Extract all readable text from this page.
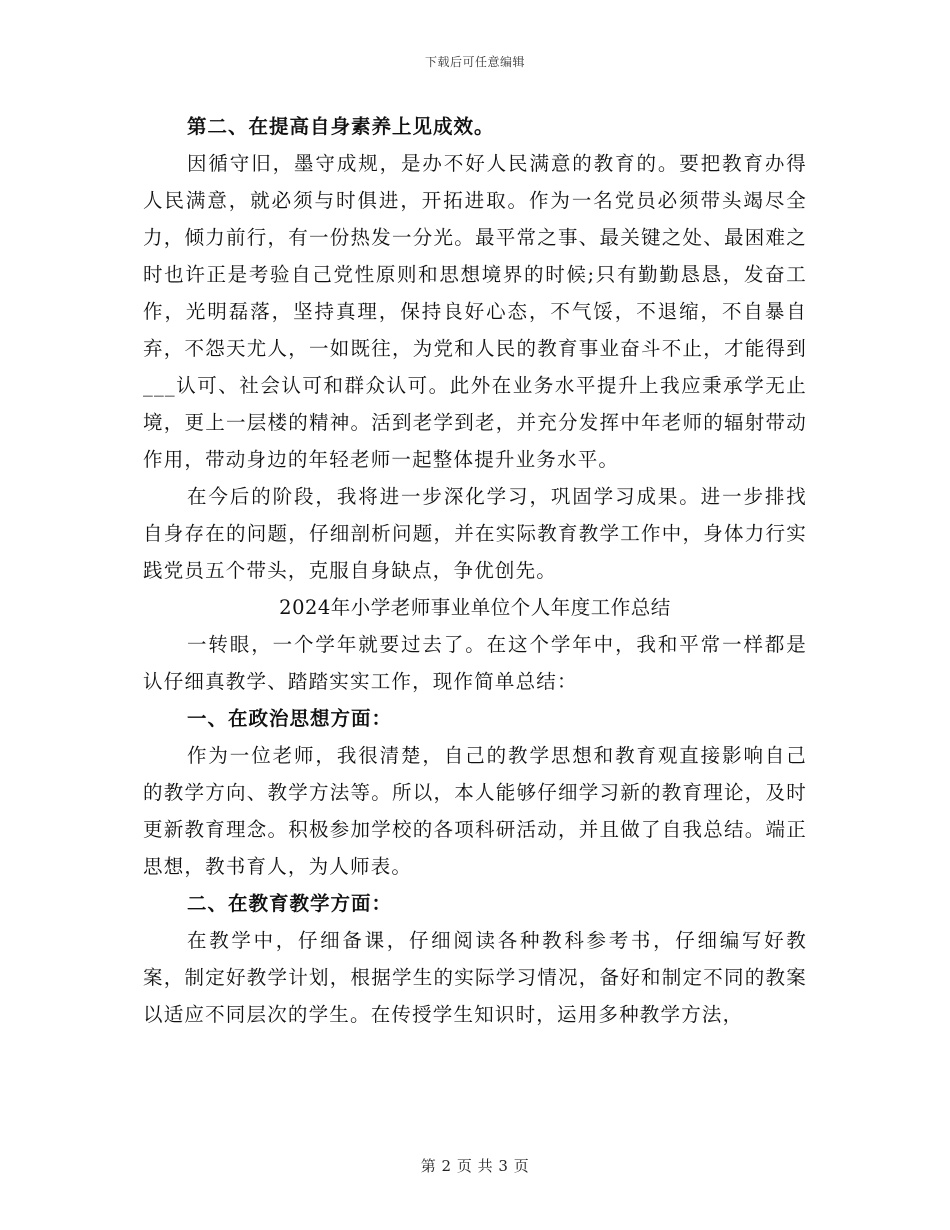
下载后可任意编辑

第二、在提高自身素养上见成效。

因循守旧，墨守成规，是办不好人民满意的教育的。要把教育办得人民满意，就必须与时俱进，开拓进取。作为一名党员必须带头竭尽全力，倾力前行，有一份热发一分光。最平常之事、最关键之处、最困难之时也许正是考验自己党性原则和思想境界的时候;只有勤勤恳恳，发奋工作，光明磊落，坚持真理，保持良好心态，不气馁，不退缩，不自暴自弃，不怨天尤人，一如既往，为党和人民的教育事业奋斗不止，才能得到___认可、社会认可和群众认可。此外在业务水平提升上我应秉承学无止境，更上一层楼的精神。活到老学到老，并充分发挥中年老师的辐射带动作用，带动身边的年轻老师一起整体提升业务水平。

在今后的阶段，我将进一步深化学习，巩固学习成果。进一步排找自身存在的问题，仔细剖析问题，并在实际教育教学工作中，身体力行实践党员五个带头，克服自身缺点，争优创先。

2024年小学老师事业单位个人年度工作总结

一转眼，一个学年就要过去了。在这个学年中，我和平常一样都是认仔细真教学、踏踏实实工作，现作简单总结：

一、在政治思想方面：

作为一位老师，我很清楚，自己的教学思想和教育观直接影响自己的教学方向、教学方法等。所以，本人能够仔细学习新的教育理论，及时更新教育理念。积极参加学校的各项科研活动，并且做了自我总结。端正思想，教书育人，为人师表。

二、在教育教学方面：

在教学中，仔细备课，仔细阅读各种教科参考书，仔细编写好教案，制定好教学计划，根据学生的实际学习情况，备好和制定不同的教案以适应不同层次的学生。在传授学生知识时，运用多种教学方法，

第 2 页 共 3 页
